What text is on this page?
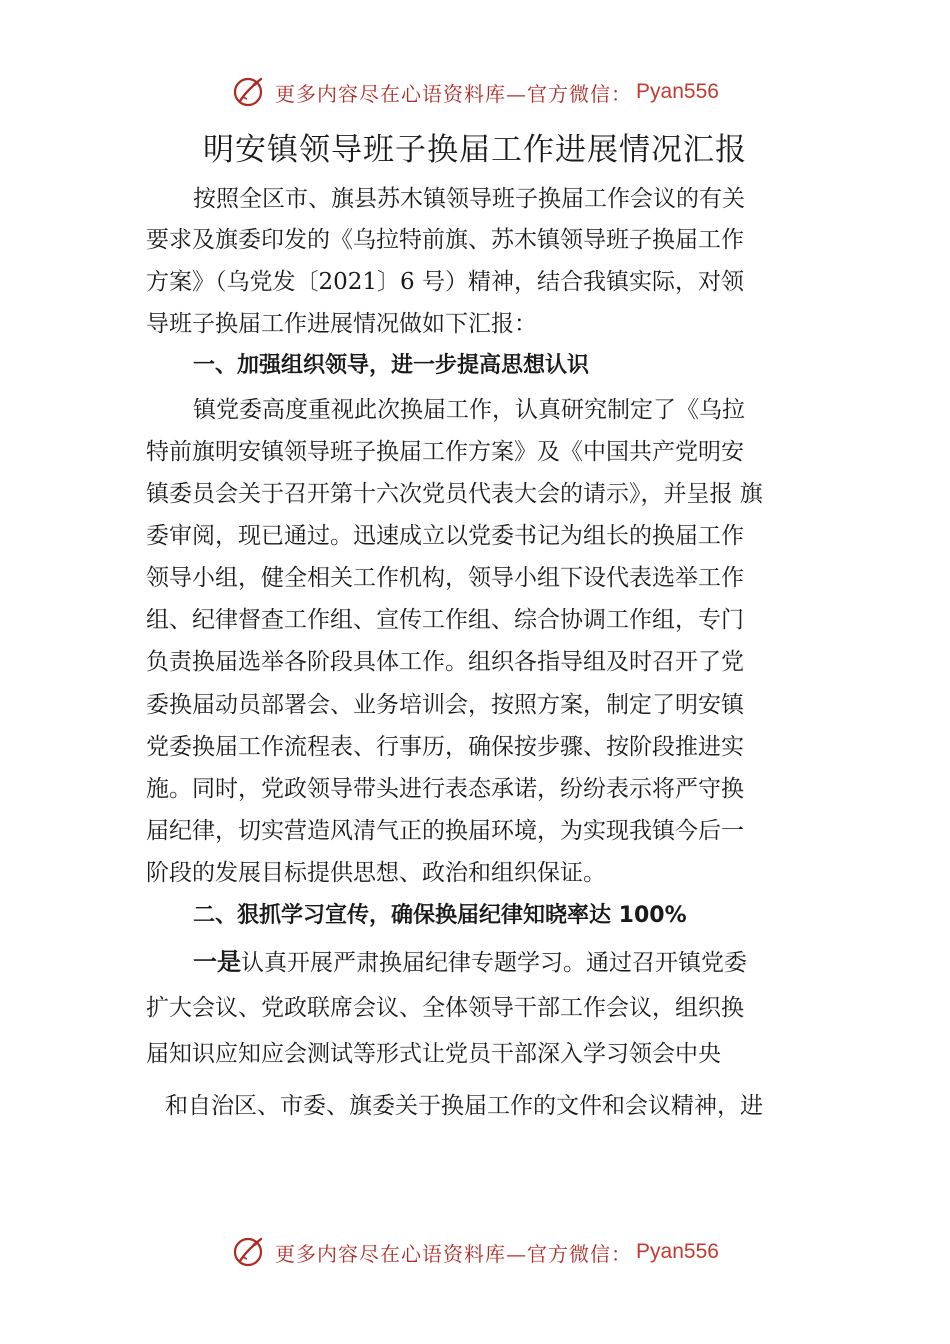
更多内容尽在心语资料库—官方微信： Pyan556
明安镇领导班子换届工作进展情况汇报
按照全区市、旗县苏木镇领导班子换届工作会议的有关
要求及旗委印发的《乌拉特前旗、苏木镇领导班子换届工作
方案》（乌党发〔2021〕6 号）精神，结合我镇实际，对领
导班子换届工作进展情况做如下汇报：
一、加强组织领导，进一步提高思想认识
镇党委高度重视此次换届工作，认真研究制定了《乌拉
特前旗明安镇领导班子换届工作方案》及《中国共产党明安
镇委员会关于召开第十六次党员代表大会的请示》，并呈报 旗
委审阅，现已通过。迅速成立以党委书记为组长的换届工作
领导小组，健全相关工作机构，领导小组下设代表选举工作
组、纪律督查工作组、宣传工作组、综合协调工作组，专门
负责换届选举各阶段具体工作。组织各指导组及时召开了党
委换届动员部署会、业务培训会，按照方案，制定了明安镇
党委换届工作流程表、行事历，确保按步骤、按阶段推进实
施。同时，党政领导带头进行表态承诺，纷纷表示将严守换
届纪律，切实营造风清气正的换届环境，为实现我镇今后一
阶段的发展目标提供思想、政治和组织保证。
二、狠抓学习宣传，确保换届纪律知晓率达 100%
一是认真开展严肃换届纪律专题学习。通过召开镇党委
扩大会议、党政联席会议、全体领导干部工作会议，组织换
届知识应知应会测试等形式让党员干部深入学习领会中央
和自治区、市委、旗委关于换届工作的文件和会议精神，进
更多内容尽在心语资料库—官方微信： Pyan556
